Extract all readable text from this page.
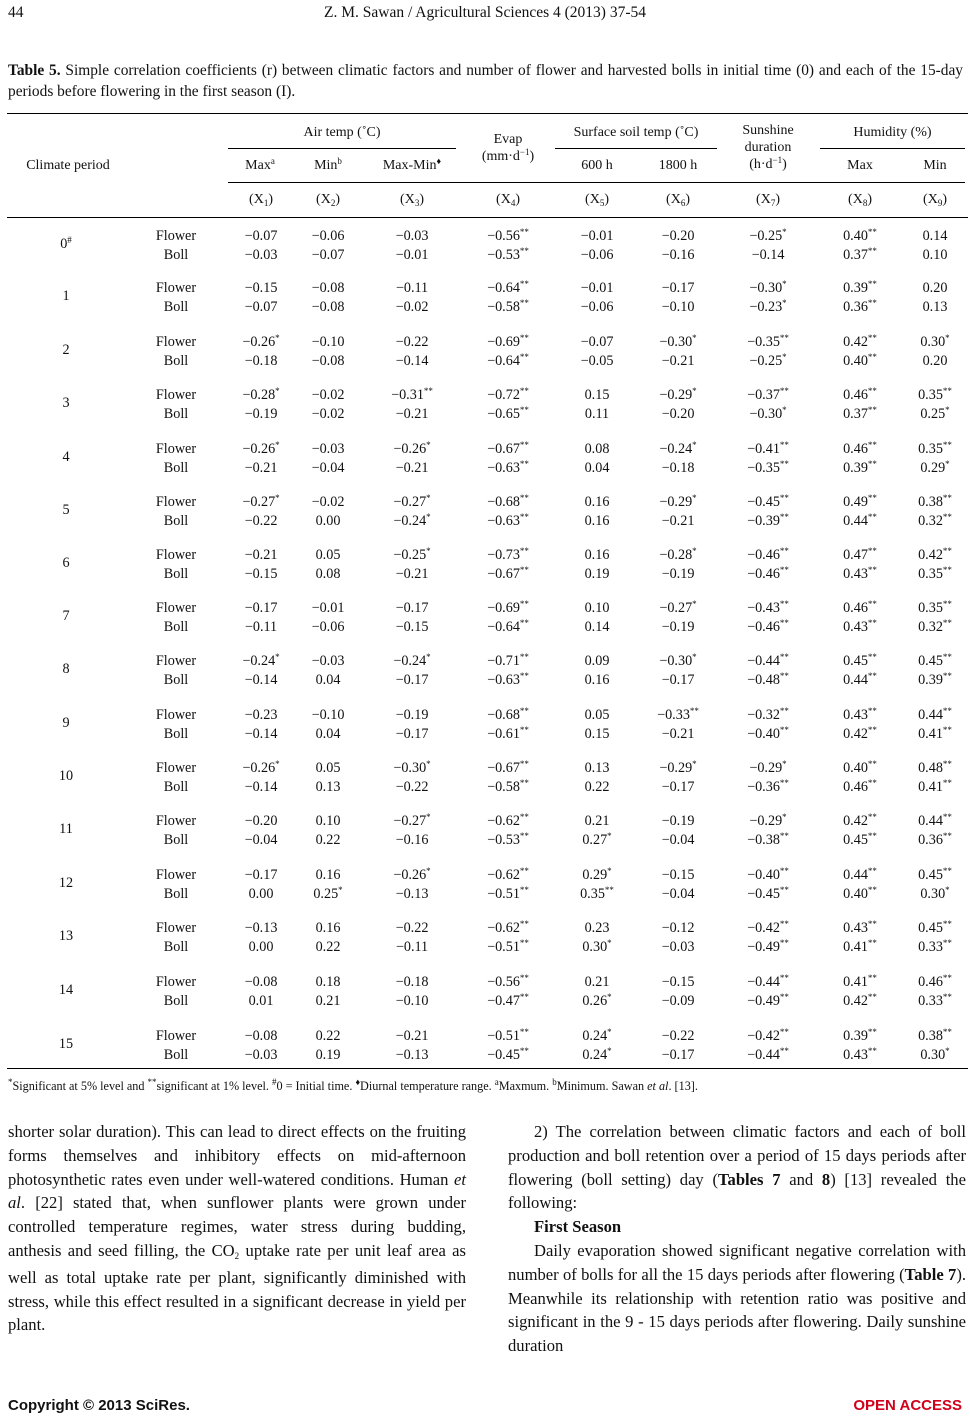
44	Z. M. Sawan / Agricultural Sciences 4 (2013) 37-54
Table 5. Simple correlation coefficients (r) between climatic factors and number of flower and harvested bolls in initial time (0) and each of the 15-day periods before flowering in the first season (I).
Climate period
Air temp (˚C)
Max$^a$	Min$^b$	Max-Min♦
Evap
$(mm\cdot d^{-1})$
Surface soil temp (˚C)
600 h	1800 h
Sunshine
duration
$(h\cdot d^{-1})$
Humidity (%)
Max	Min
$(X_1)$	$(X_2)$	$(X_3)$	$(X_4)$	$(X_5)$	$(X_6)$	$(X_7)$	$(X_8)$	$(X_9)$
0#	Flower	−0.07	−0.06	−0.03	−0.56**	−0.01	−0.20	−0.25*	0.40**	0.14
Boll	−0.03	−0.07	−0.01	−0.53**	−0.06	−0.16	−0.14	0.37**	0.10
1	Flower	−0.15	−0.08	−0.11	−0.64**	−0.01	−0.17	−0.30*	0.39**	0.20
Boll	−0.07	−0.08	−0.02	−0.58**	−0.06	−0.10	−0.23*	0.36**	0.13
2	Flower	−0.26*	−0.10	−0.22	−0.69**	−0.07	−0.30*	−0.35**	0.42**	0.30*
Boll	−0.18	−0.08	−0.14	−0.64**	−0.05	−0.21	−0.25*	0.40**	0.20
3	Flower	−0.28*	−0.02	−0.31**	−0.72**	0.15	−0.29*	−0.37**	0.46**	0.35**
Boll	−0.19	−0.02	−0.21	−0.65**	0.11	−0.20	−0.30*	0.37**	0.25*
4	Flower	−0.26*	−0.03	−0.26*	−0.67**	0.08	−0.24*	−0.41**	0.46**	0.35**
Boll	−0.21	−0.04	−0.21	−0.63**	0.04	−0.18	−0.35**	0.39**	0.29*
5	Flower	−0.27*	−0.02	−0.27*	−0.68**	0.16	−0.29*	−0.45**	0.49**	0.38**
Boll	−0.22	0.00	−0.24*	−0.63**	0.16	−0.21	−0.39**	0.44**	0.32**
6	Flower	−0.21	0.05	−0.25*	−0.73**	0.16	−0.28*	−0.46**	0.47**	0.42**
Boll	−0.15	0.08	−0.21	−0.67**	0.19	−0.19	−0.46**	0.43**	0.35**
7	Flower	−0.17	−0.01	−0.17	−0.69**	0.10	−0.27*	−0.43**	0.46**	0.35**
Boll	−0.11	−0.06	−0.15	−0.64**	0.14	−0.19	−0.46**	0.43**	0.32**
8	Flower	−0.24*	−0.03	−0.24*	−0.71**	0.09	−0.30*	−0.44**	0.45**	0.45**
Boll	−0.14	0.04	−0.17	−0.63**	0.16	−0.17	−0.48**	0.44**	0.39**
9	Flower	−0.23	−0.10	−0.19	−0.68**	0.05	−0.33**	−0.32**	0.43**	0.44**
Boll	−0.14	0.04	−0.17	−0.61**	0.15	−0.21	−0.40**	0.42**	0.41**
10	Flower	−0.26*	0.05	−0.30*	−0.67**	0.13	−0.29*	−0.29*	0.40**	0.48**
Boll	−0.14	0.13	−0.22	−0.58**	0.22	−0.17	−0.36**	0.46**	0.41**
11	Flower	−0.20	0.10	−0.27*	−0.62**	0.21	−0.19	−0.29*	0.42**	0.44**
Boll	−0.04	0.22	−0.16	−0.53**	0.27*	−0.04	−0.38**	0.45**	0.36**
12	Flower	−0.17	0.16	−0.26*	−0.62**	0.29*	−0.15	−0.40**	0.44**	0.45**
Boll	0.00	0.25*	−0.13	−0.51**	0.35**	−0.04	−0.45**	0.40**	0.30*
13	Flower	−0.13	0.16	−0.22	−0.62**	0.23	−0.12	−0.42**	0.43**	0.45**
Boll	0.00	0.22	−0.11	−0.51**	0.30*	−0.03	−0.49**	0.41**	0.33**
14	Flower	−0.08	0.18	−0.18	−0.56**	0.21	−0.15	−0.44**	0.41**	0.46**
Boll	0.01	0.21	−0.10	−0.47**	0.26*	−0.09	−0.49**	0.42**	0.33**
15	Flower	−0.08	0.22	−0.21	−0.51**	0.24*	−0.22	−0.42**	0.39**	0.38**
Boll	−0.03	0.19	−0.13	−0.45**	0.24*	−0.17	−0.44**	0.43**	0.30*
*Significant at 5% level and **significant at 1% level. #0 = Initial time. ♦Diurnal temperature range. $^a$Maxmum. $^b$Minimum. Sawan et al. [13].

shorter solar duration). This can lead to direct effects on the fruiting forms themselves and inhibitory effects on mid-afternoon photosynthetic rates even under well-watered conditions. Human et al. [22] stated that, when sunflower plants were grown under controlled temperature regimes, water stress during budding, anthesis and seed filling, the $CO_2$ uptake rate per unit leaf area as well as total uptake rate per plant, significantly diminished with stress, while this effect resulted in a significant decrease in yield per plant.

2) The correlation between climatic factors and each of boll production and boll retention over a period of 15 days periods after flowering (boll setting) day (Tables 7 and 8) [13] revealed the following:

First Season

Daily evaporation showed significant negative correlation with number of bolls for all the 15 days periods after flowering (Table 7). Meanwhile its relationship with retention ratio was positive and significant in the 9 - 15 days periods after flowering. Daily sunshine duration

Copyright © 2013 SciRes.	OPEN ACCESS
